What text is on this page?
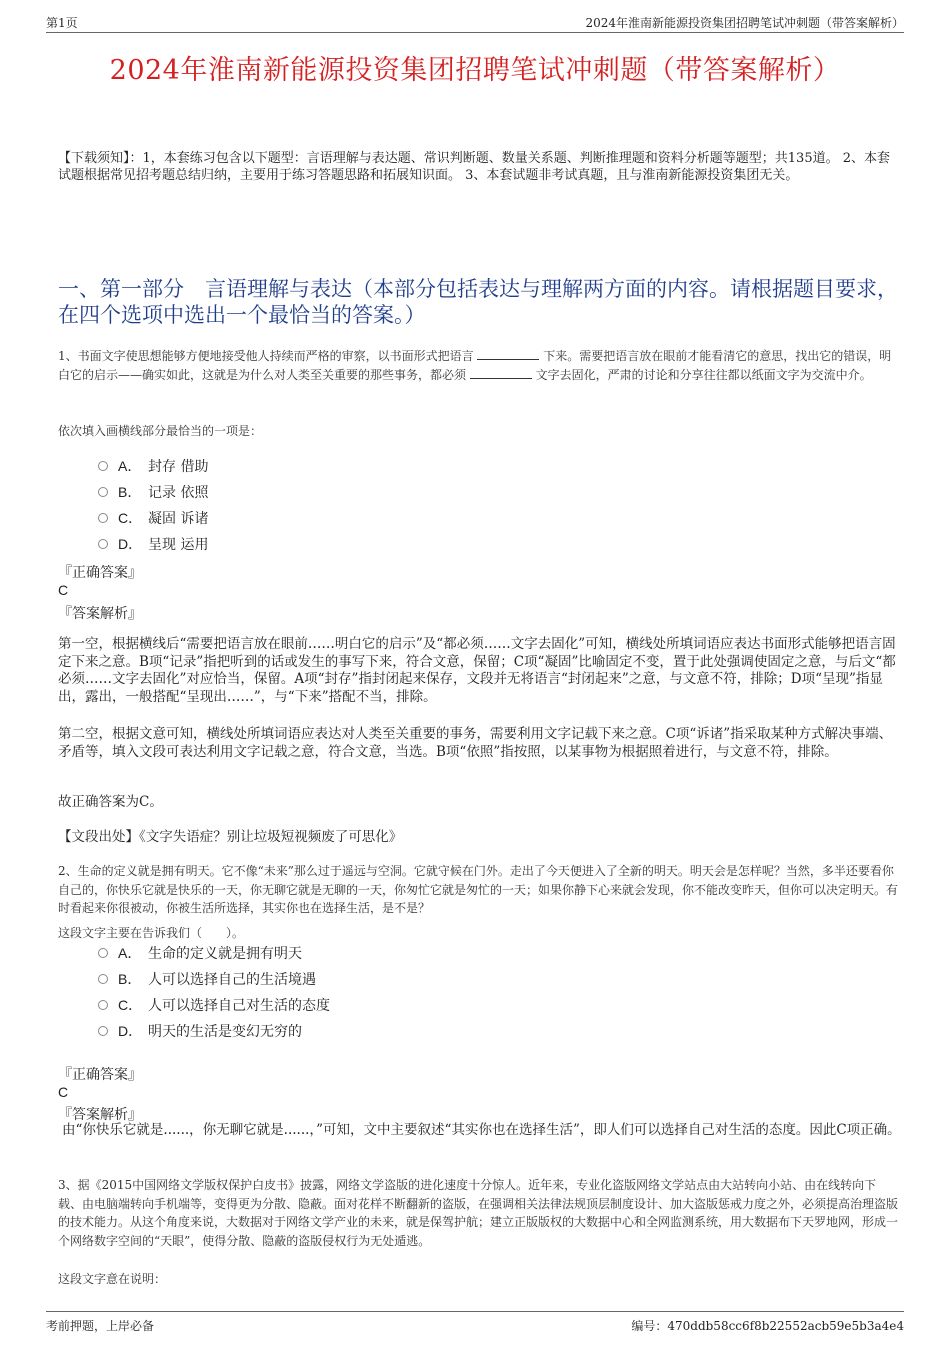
第1页	2024年淮南新能源投资集团招聘笔试冲刺题（带答案解析）
2024年淮南新能源投资集团招聘笔试冲刺题（带答案解析）
【下载须知】：1，本套练习包含以下题型：言语理解与表达题、常识判断题、数量关系题、判断推理题和资料分析题等题型；共135道。 2、本套试题根据常见招考题总结归纳，主要用于练习答题思路和拓展知识面。 3、本套试题非考试真题，且与淮南新能源投资集团无关。
一、第一部分　言语理解与表达（本部分包括表达与理解两方面的内容。请根据题目要求，在四个选项中选出一个最恰当的答案。）
1、书面文字使思想能够方便地接受他人持续而严格的审察，以书面形式把语言	下来。需要把语言放在眼前才能看清它的意思，找出它的错误，明白它的启示——确实如此，这就是为什么对人类至关重要的那些事务，都必须	文字去固化，严肃的讨论和分享往往都以纸面文字为交流中介。
依次填入画横线部分最恰当的一项是：
A． 封存 借助
B． 记录 依照
C． 凝固 诉诸
D． 呈现 运用
『正确答案』
C
『答案解析』
第一空，根据横线后“需要把语言放在眼前……明白它的启示”及“都必须……文字去固化”可知，横线处所填词语应表达书面形式能够把语言固定下来之意。B项“记录”指把听到的话或发生的事写下来，符合文意，保留；C项“凝固”比喻固定不变，置于此处强调使固定之意，与后文“都必须……文字去固化”对应恰当，保留。A项“封存”指封闭起来保存，文段并无将语言“封闭起来”之意，与文意不符，排除；D项“呈现”指显出，露出，一般搭配“呈现出……”，与“下来”搭配不当，排除。
第二空，根据文意可知，横线处所填词语应表达对人类至关重要的事务，需要利用文字记载下来之意。C项“诉诸”指采取某种方式解决事端、矛盾等，填入文段可表达利用文字记载之意，符合文意，当选。B项“依照”指按照，以某事物为根据照着进行，与文意不符，排除。
故正确答案为C。
【文段出处】《文字失语症？别让垃圾短视频废了可思化》
2、生命的定义就是拥有明天。它不像“未来”那么过于遥远与空洞。它就守候在门外。走出了今天便进入了全新的明天。明天会是怎样呢？当然，多半还要看你自己的，你快乐它就是快乐的一天，你无聊它就是无聊的一天，你匆忙它就是匆忙的一天；如果你静下心来就会发现，你不能改变昨天，但你可以决定明天。有时看起来你很被动，你被生活所选择，其实你也在选择生活，是不是？
这段文字主要在告诉我们（　　）。
A． 生命的定义就是拥有明天
B． 人可以选择自己的生活境遇
C． 人可以选择自己对生活的态度
D． 明天的生活是变幻无穷的
『正确答案』
C
『答案解析』
由“你快乐它就是......，你无聊它就是......，”可知，文中主要叙述“其实你也在选择生活”，即人们可以选择自己对生活的态度。因此C项正确。
3、据《2015中国网络文学版权保护白皮书》披露，网络文学盗版的进化速度十分惊人。近年来，专业化盗版网络文学站点由大站转向小站、由在线转向下载、由电脑端转向手机端等，变得更为分散、隐蔽。面对花样不断翻新的盗版，在强调相关法律法规顶层制度设计、加大盗版惩戒力度之外，必须提高治理盗版的技术能力。从这个角度来说，大数据对于网络文学产业的未来，就是保驾护航；建立正版版权的大数据中心和全网监测系统，用大数据布下天罗地网，形成一个网络数字空间的“天眼”，使得分散、隐蔽的盗版侵权行为无处遁逃。
这段文字意在说明：
考前押题，上岸必备	编号：470ddb58cc6f8b22552acb59e5b3a4e4
